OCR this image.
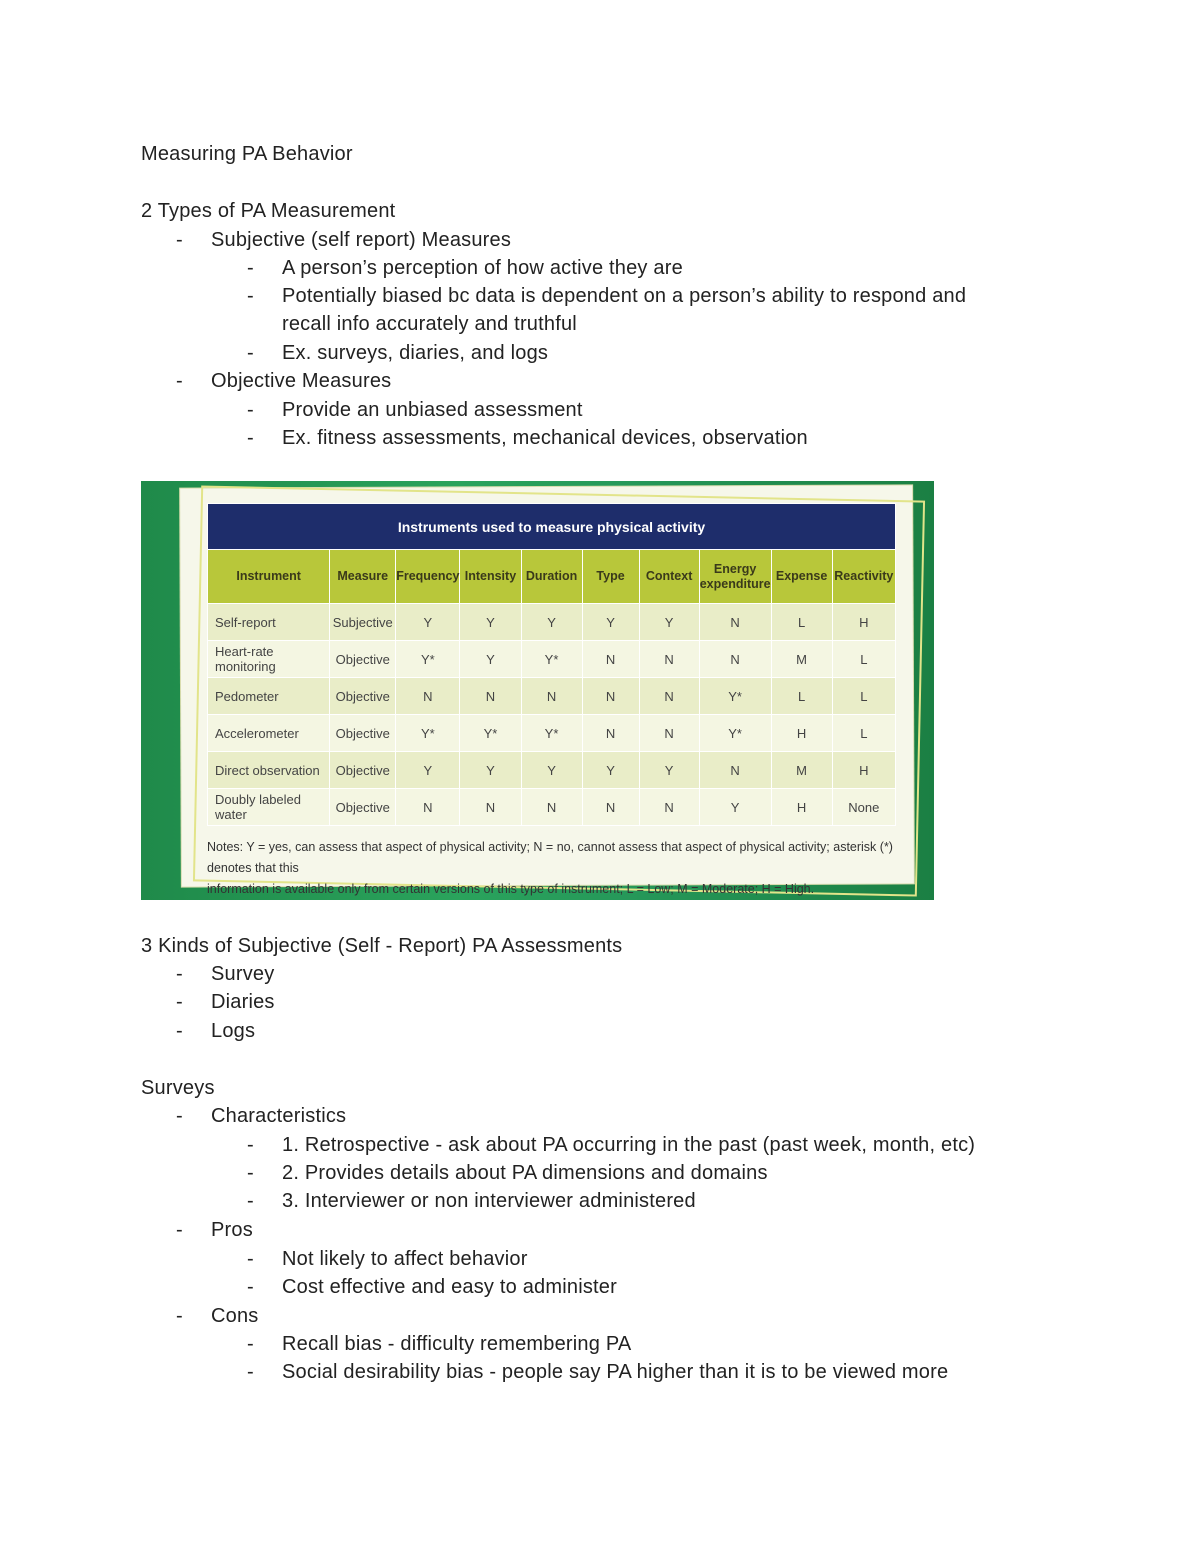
Measuring PA Behavior
2 Types of PA Measurement
- Subjective (self report) Measures
- A person’s perception of how active they are
- Potentially biased bc data is dependent on a person’s ability to respond and
recall info accurately and truthful
- Ex. surveys, diaries, and logs
- Objective Measures
- Provide an unbiased assessment
- Ex. fitness assessments, mechanical devices, observation
Instruments used to measure physical activity									
Instrument	Measure	Frequency	Intensity	Duration	Type	Context	Energy expenditure	Expense	Reactivity
Self-report	Subjective	Y	Y	Y	Y	Y	N	L	H
Heart-rate monitoring	Objective	Y*	Y	Y*	N	N	N	M	L
Pedometer	Objective	N	N	N	N	N	Y*	L	L
Accelerometer	Objective	Y*	Y*	Y*	N	N	Y*	H	L
Direct observation	Objective	Y	Y	Y	Y	Y	N	M	H
Doubly labeled water	Objective	N	N	N	N	N	Y	H	None
Notes: Y = yes, can assess that aspect of physical activity; N = no, cannot assess that aspect of physical activity; asterisk (*) denotes that this
information is available only from certain versions of this type of instrument; L = Low; M = Moderate; H = High.
3 Kinds of Subjective (Self - Report) PA Assessments
- Survey
- Diaries
- Logs
Surveys
- Characteristics
- 1. Retrospective - ask about PA occurring in the past (past week, month, etc)
- 2. Provides details about PA dimensions and domains
- 3. Interviewer or non interviewer administered
- Pros
- Not likely to affect behavior
- Cost effective and easy to administer
- Cons
- Recall bias - difficulty remembering PA
- Social desirability bias - people say PA higher than it is to be viewed more
